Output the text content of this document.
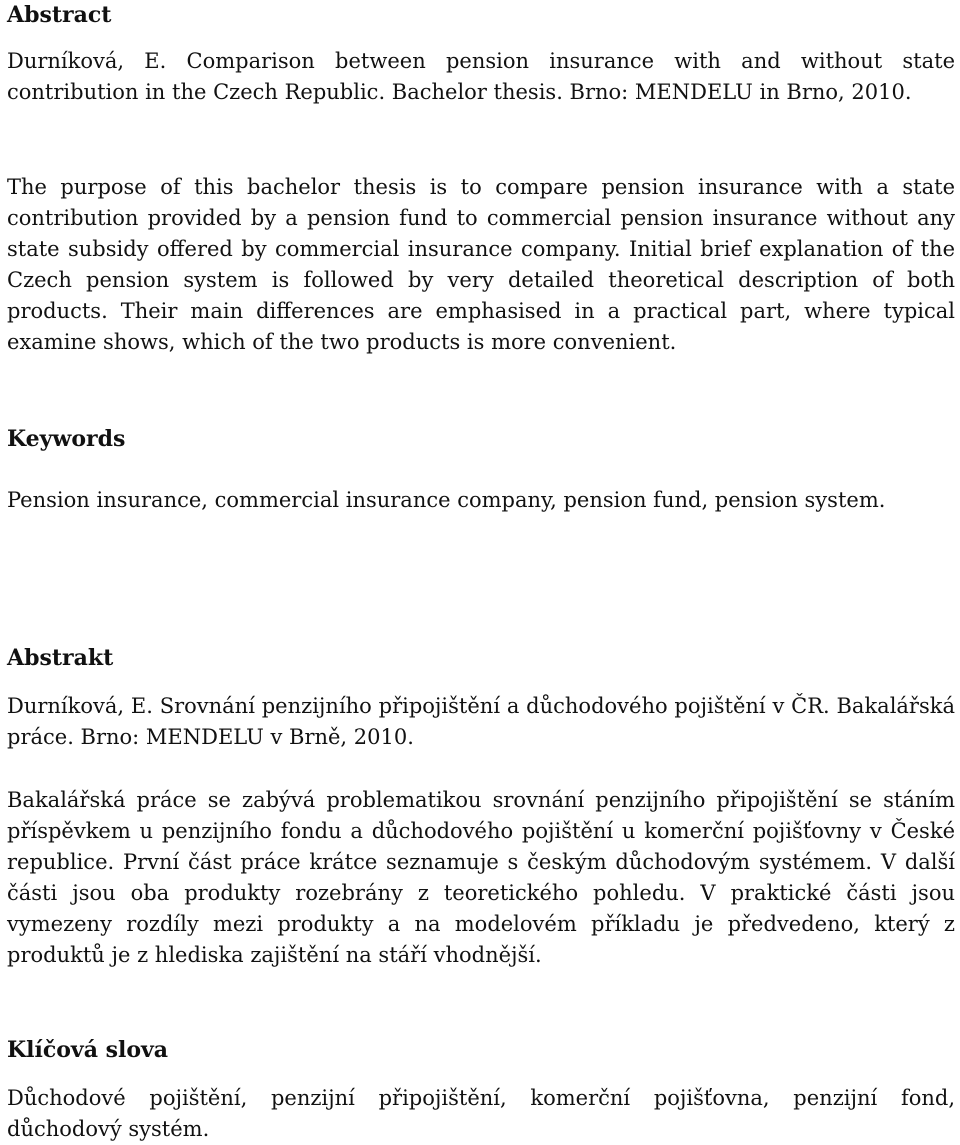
Abstract

Durníková, E. Comparison between pension insurance with and without state contribution in the Czech Republic. Bachelor thesis. Brno: MENDELU in Brno, 2010.

The purpose of this bachelor thesis is to compare pension insurance with a state contribution provided by a pension fund to commercial pension insurance without any state subsidy offered by commercial insurance company. Initial brief explanation of the Czech pension system is followed by very detailed theoretical description of both products. Their main differences are emphasised in a practical part, where typical examine shows, which of the two products is more convenient.

Keywords

Pension insurance, commercial insurance company, pension fund, pension system.

Abstrakt

Durníková, E. Srovnání penzijního připojištění a důchodového pojištění v ČR. Bakalářská práce. Brno: MENDELU v Brně, 2010.

Bakalářská práce se zabývá problematikou srovnání penzijního připojištění se stáním příspěvkem u penzijního fondu a důchodového pojištění u komerční pojišťovny v České republice. První část práce krátce seznamuje s českým důchodovým systémem. V další části jsou oba produkty rozebrány z teoretického pohledu. V praktické části jsou vymezeny rozdíly mezi produkty a na modelovém příkladu je předvedeno, který z produktů je z hlediska zajištění na stáří vhodnější.

Klíčová slova

Důchodové pojištění, penzijní připojištění, komerční pojišťovna, penzijní fond, důchodový systém.
